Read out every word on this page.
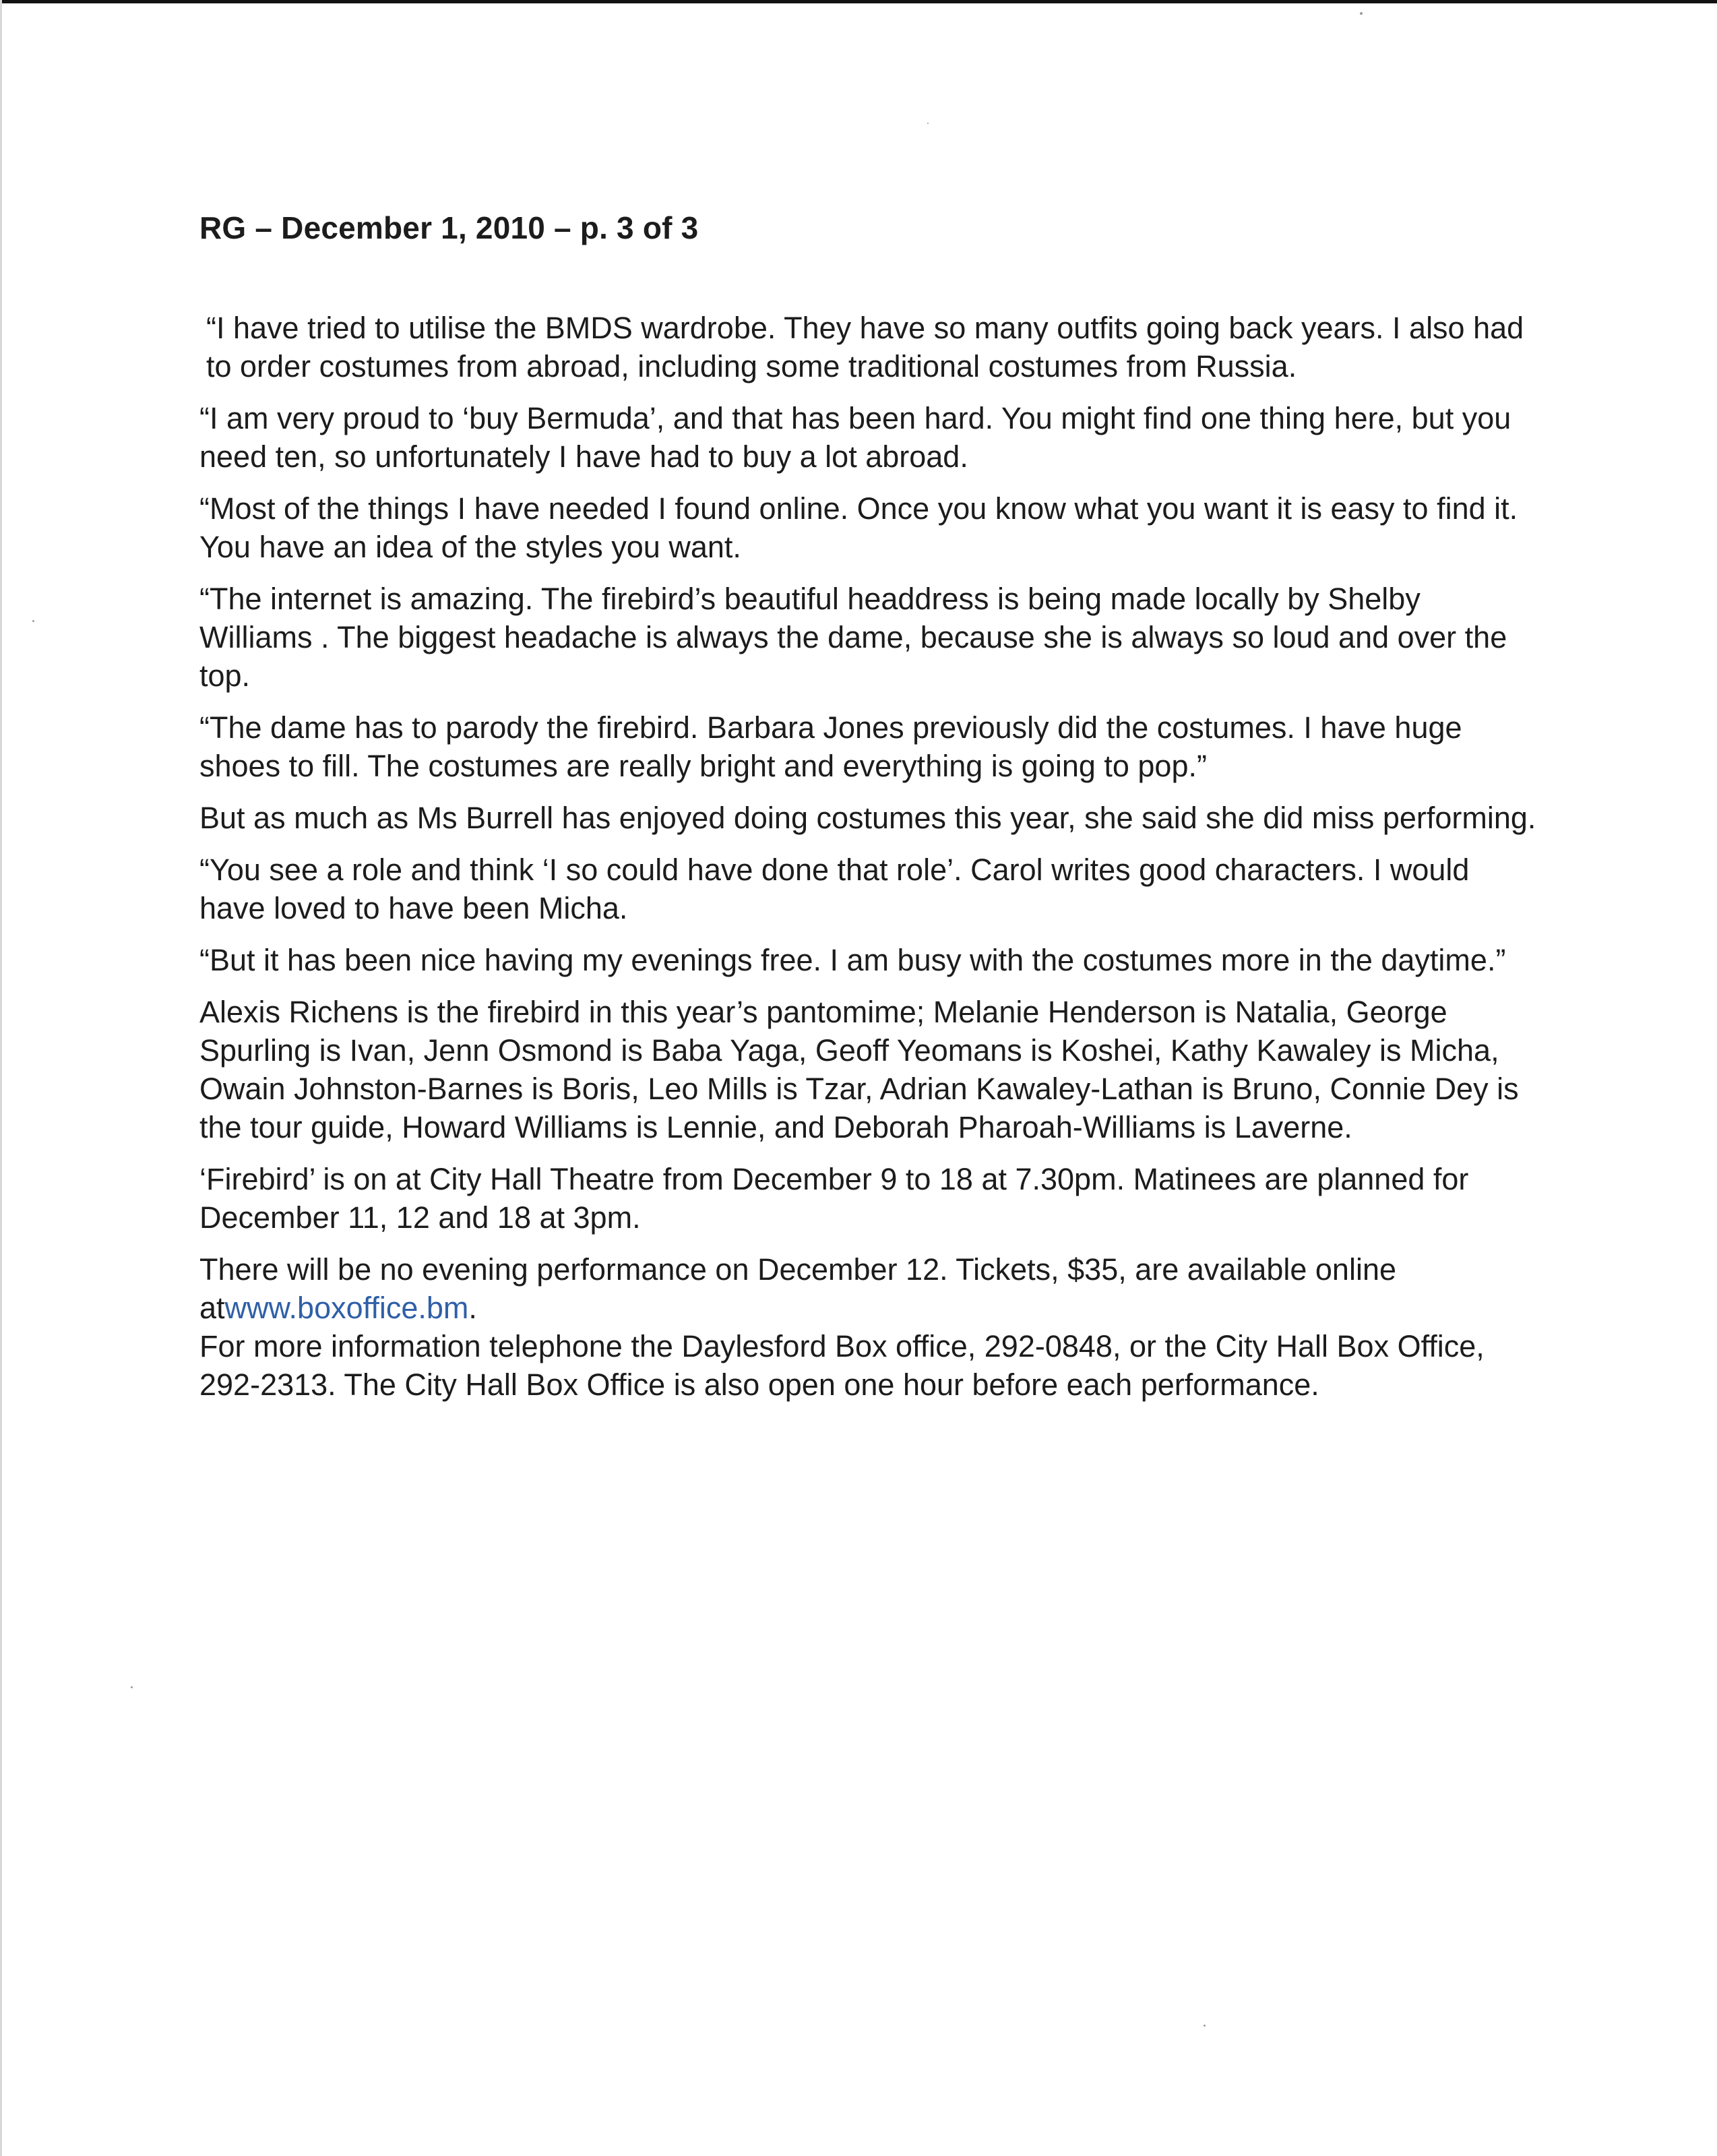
RG – December 1, 2010 – p. 3 of 3

“I have tried to utilise the BMDS wardrobe. They have so many outfits going back years. I also had to order costumes from abroad, including some traditional costumes from Russia.

“I am very proud to ‘buy Bermuda’, and that has been hard. You might find one thing here, but you need ten, so unfortunately I have had to buy a lot abroad.

“Most of the things I have needed I found online. Once you know what you want it is easy to find it. You have an idea of the styles you want.

“The internet is amazing. The firebird’s beautiful headdress is being made locally by Shelby Williams . The biggest headache is always the dame, because she is always so loud and over the top.

“The dame has to parody the firebird. Barbara Jones previously did the costumes. I have huge shoes to fill. The costumes are really bright and everything is going to pop.”

But as much as Ms Burrell has enjoyed doing costumes this year, she said she did miss performing.

“You see a role and think ‘I so could have done that role’. Carol writes good characters. I would have loved to have been Micha.

“But it has been nice having my evenings free. I am busy with the costumes more in the daytime.”

Alexis Richens is the firebird in this year’s pantomime; Melanie Henderson is Natalia, George Spurling is Ivan, Jenn Osmond is Baba Yaga, Geoff Yeomans is Koshei, Kathy Kawaley is Micha, Owain Johnston-Barnes is Boris, Leo Mills is Tzar, Adrian Kawaley-Lathan is Bruno, Connie Dey is the tour guide, Howard Williams is Lennie, and Deborah Pharoah-Williams is Laverne.

‘Firebird’ is on at City Hall Theatre from December 9 to 18 at 7.30pm. Matinees are planned for December 11, 12 and 18 at 3pm.

There will be no evening performance on December 12. Tickets, $35, are available online atwww.boxoffice.bm.

For more information telephone the Daylesford Box office, 292-0848, or the City Hall Box Office, 292-2313. The City Hall Box Office is also open one hour before each performance.
